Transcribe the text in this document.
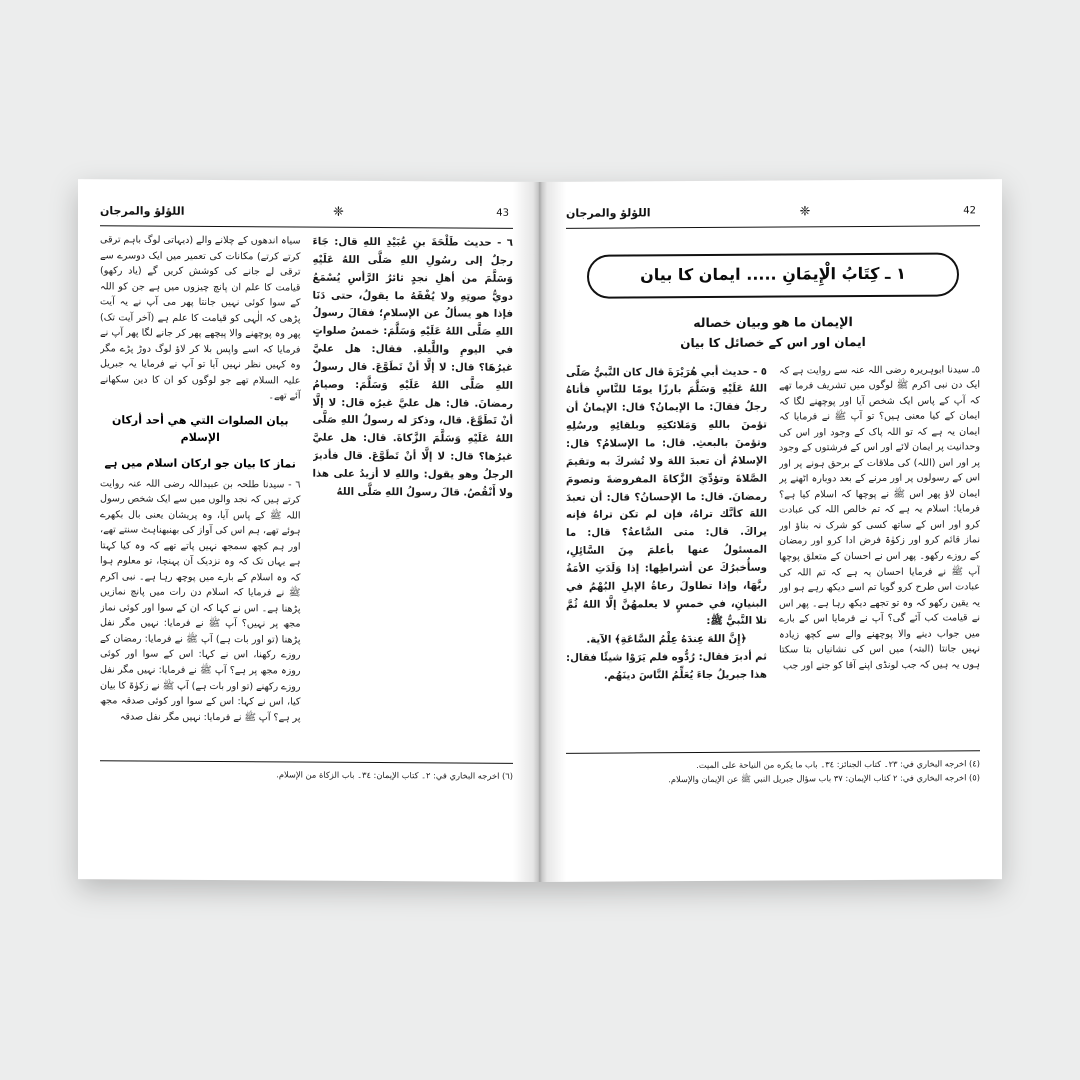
43
❈
اللؤلؤ والمرجان
٦ - حديث طَلْحَةَ بنِ عُبَيْدِ اللهِ قال: جَاءَ رجلٌ إلى رسُولِ اللهِ صَلَّى اللهُ عَلَيْهِ وَسَلَّمَ من أهلِ نجدٍ ثائرُ الرَّأسِ يُسْمَعُ دويُّ صوتِهِ ولا يُفْقَهُ ما يقولُ، حتى دَنَا فإذا هو يسألُ عن الإسلامِ؛ فقالَ رسولُ اللهِ صَلَّى اللهُ عَلَيْهِ وَسَلَّمَ: خمسُ صلواتٍ في اليومِ واللَّيلةِ. فقال: هل عليَّ غيرُهَا؟ قال: لا إلَّا أنْ تَطَوَّعَ. قال رسولُ اللهِ صَلَّى اللهُ عَلَيْهِ وَسَلَّمَ: وصيامُ رمضانَ. قال: هل عليَّ غيرُه قال: لا إلَّا أنْ تَطَوَّعَ. قال، وذكرَ له رسولُ اللهِ صَلَّى اللهُ عَلَيْهِ وَسَلَّمَ الزَّكاةَ. قال: هل عليَّ غيرُها؟ قال: لا إلَّا أنْ تَطَوَّعَ. قال فأدبرَ الرجلُ وهو يقول: واللهِ لا أزيدُ على هذا ولا أَنْقُصُ. قالَ رسولُ اللهِ صَلَّى اللهُ
سیاہ اندھوں کے چلانے والے (دیہاتی لوگ باہم ترقی کرتے کرتے) مکانات کی تعمیر میں ایک دوسرے سے ترقی لے جانے کی کوشش کریں گے (یاد رکھو) قیامت کا علم ان پانچ چیزوں میں ہے جن کو اللہ کے سوا کوئی نہیں جانتا پھر می آپ نے یہ آیت پڑھی کہ الٰہی کو قیامت کا علم ہے (آخر آیت تک) پھر وہ پوچھنے والا پیچھے پھر کر جانے لگا پھر آپ نے فرمایا کہ اسے واپس بلا کر لاؤ لوگ دوڑ پڑے مگر وہ کہیں نظر نہیں آیا تو آپ نے فرمایا یہ جبریل علیہ السلام تھے جو لوگوں کو ان کا دین سکھانے آئے تھے۔
بيان الصلوات التي هي أحد أركان الإسلام
نماز کا بیان جو ارکان اسلام میں ہے
٦ - سیدنا طلحہ بن عبیداللہ رضی اللہ عنہ روایت کرتے ہیں کہ نجد والوں میں سے ایک شخص رسول اللہ ﷺ کے پاس آیا، وہ پریشان یعنی بال بکھرے ہوئے تھے، ہم اس کی آواز کی بھنبھناہٹ سنتے تھے، اور ہم کچھ سمجھ نہیں پاتے تھے کہ وہ کیا کہتا ہے یہاں تک کہ وہ نزدیک آن پہنچا، تو معلوم ہوا کہ وہ اسلام کے بارے میں پوچھ رہا ہے۔ نبی اکرم ﷺ نے فرمایا کہ اسلام دن رات میں پانچ نمازیں پڑھنا ہے۔ اس نے کہا کہ ان کے سوا اور کوئی نماز مجھ پر نہیں؟ آپ ﷺ نے فرمایا: نہیں مگر نفل پڑھنا (تو اور بات ہے) آپ ﷺ نے فرمایا: رمضان کے روزے رکھنا، اس نے کہا: اس کے سوا اور کوئی روزہ مجھ پر ہے؟ آپ ﷺ نے فرمایا: نہیں مگر نفل روزے رکھنے (تو اور بات ہے) آپ ﷺ نے زکوٰۃ کا بیان کیا، اس نے کہا: اس کے سوا اور کوئی صدقہ مجھ پر ہے؟ آپ ﷺ نے فرمایا: نہیں مگر نفل صدقہ
(٦) اخرجه البخاري في: ٢۔ كتاب الإيمان: ٣٤۔ باب الزكاة من الإسلام.
42
❈
اللؤلؤ والمرجان
١ ـ كِتَابُ الْإِيمَانِ ..... ایمان کا بیان
الإيمان ما هو وبيان خصاله
ایمان اور اس کے خصائل کا بیان
٥ـ سیدنا ابوہریرہ رضی اللہ عنہ سے روایت ہے کہ ایک دن نبی اکرم ﷺ لوگوں میں تشریف فرما تھے کہ آپ کے پاس ایک شخص آیا اور پوچھنے لگا کہ ایمان کے کیا معنی ہیں؟ تو آپ ﷺ نے فرمایا کہ ایمان یہ ہے کہ تو اللہ پاک کے وجود اور اس کی وحدانیت پر ایمان لائے اور اس کے فرشتوں کے وجود پر اور اس (اللہ) کی ملاقات کے برحق ہونے پر اور اس کے رسولوں پر اور مرنے کے بعد دوبارہ اٹھنے پر ایمان لاؤ پھر اس ﷺ نے پوچھا کہ اسلام کیا ہے؟ فرمایا: اسلام یہ ہے کہ تم خالص اللہ کی عبادت کرو اور اس کے ساتھ کسی کو شرک نہ بناؤ اور نماز قائم کرو اور زکوٰۃ فرض ادا کرو اور رمضان کے روزے رکھو۔ پھر اس نے احسان کے متعلق پوچھا آپ ﷺ نے فرمایا احسان یہ ہے کہ تم اللہ کی عبادت اس طرح کرو گویا تم اسے دیکھ رہے ہو اور یہ یقین رکھو کہ وہ تو تجھے دیکھ رہا ہے۔ پھر اس نے قیامت کب آئے گی؟ آپ نے فرمایا اس کے بارے میں جواب دینے والا پوچھنے والے سے کچھ زیادہ نہیں جانتا (البتہ) میں اس کی نشانیاں بتا سکتا ہوں یہ ہیں کہ جب لونڈی اپنے آقا کو جنے اور جب
٥ - حديث أبي هُرَيْرَةَ قال كان النَّبيُّ صَلَّى اللهُ عَلَيْهِ وَسَلَّمَ بارزًا يومًا للنَّاسِ فأتاهُ رجلٌ فقالَ: ما الإيمانُ؟ قال: الإيمانُ أن تؤمنَ باللهِ وَمَلائكتِهِ وبلقائِهِ ورسُلِهِ وتؤمنَ بالبعثِ. قال: ما الإسلامُ؟ قال: الإسلامُ أن تعبدَ اللهَ ولا تُشركَ به وتقيمَ الصَّلاةَ وتؤدِّيَ الزَّكاةَ المفروضةَ وتصومَ رمضانَ. قال: ما الإحسانُ؟ قال: أن تعبدَ اللهَ كأنَّك تراهُ، فإن لم تكن تراهُ فإنه يراكَ. قال: متى السَّاعةُ؟ قال: ما المسئولُ عنها بأعلمَ مِنَ السَّائِلِ، وسأُخبرُكَ عن أشراطِها: إذا وَلَدَتِ الأمَةُ ربَّهَا، وإذا تطاولَ رعاةُ الإبلِ البُهْمُ في البنيانِ، في خمسٍ لا يعلمهُنَّ إلَّا اللهُ ثُمَّ تلا النَّبيُّ ﷺ:
﴿إِنَّ اللهَ عِندَهُ عِلْمُ السَّاعَةِ﴾ الآية.
ثم أدبرَ فقال: رُدُّوه فلم يَرَوْا شيئًا فقال: هذا جبريلُ جاءَ يُعَلِّمُ النَّاسَ دينَهُم.
(٤) اخرجه البخاري في: ٢٣۔ كتاب الجنائز: ٣٤۔ باب ما يكره من النياحة على الميت.
(٥) اخرجه البخاري في: ٢ كتاب الإيمان: ٣٧ باب سؤال جبريل النبي ﷺ عن الإيمان والإسلام.
